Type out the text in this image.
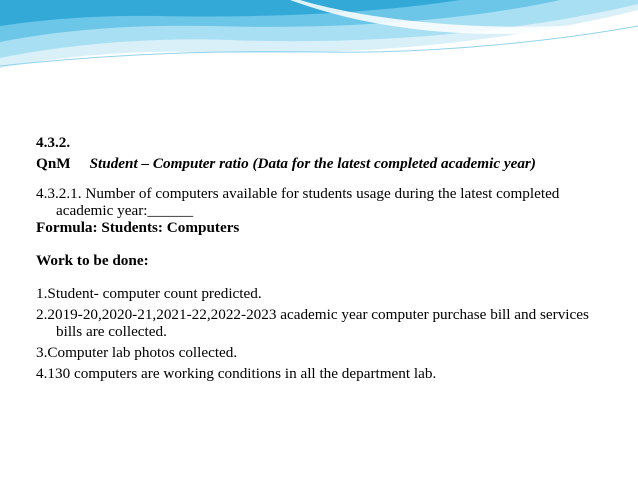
4.3.2.

QnM Student – Computer ratio (Data for the latest completed academic year)

4.3.2.1. Number of computers available for students usage during the latest completed academic year:______

Formula: Students: Computers

Work to be done:

1.Student- computer count predicted.

2.2019-20,2020-21,2021-22,2022-2023 academic year computer purchase bill and services bills are collected.

3.Computer lab photos collected.

4.130 computers are working conditions in all the department lab.
